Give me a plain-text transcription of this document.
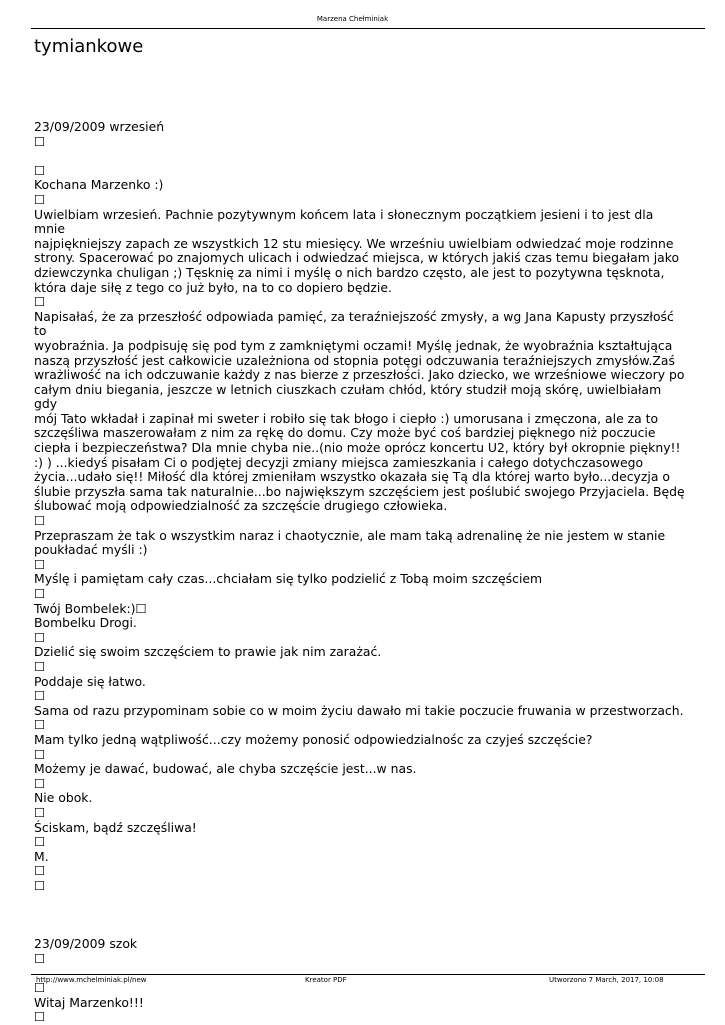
Marzena Chełminiak
tymiankowe
23/09/2009 wrzesień
☐
☐
Kochana Marzenko :)
☐
Uwielbiam wrzesień. Pachnie pozytywnym końcem lata i słonecznym początkiem jesieni i to jest dla mnie
najpiękniejszy zapach ze wszystkich 12 stu miesięcy. We wrześniu uwielbiam odwiedzać moje rodzinne
strony. Spacerować po znajomych ulicach i odwiedzać miejsca, w których jakiś czas temu biegałam jako
dziewczynka chuligan ;) Tęsknię za nimi i myślę o nich bardzo często, ale jest to pozytywna tęsknota,
która daje siłę z tego co już było, na to co dopiero będzie.
☐
Napisałaś, że za przeszłość odpowiada pamięć, za teraźniejszość zmysły, a wg Jana Kapusty przyszłość to
wyobraźnia. Ja podpisuję się pod tym z zamkniętymi oczami! Myślę jednak, że wyobraźnia kształtująca
naszą przyszłość jest całkowicie uzależniona od stopnia potęgi odczuwania teraźniejszych zmysłów.Zaś
wrażliwość na ich odczuwanie każdy z nas bierze z przeszłości. Jako dziecko, we wrześniowe wieczory po
całym dniu biegania, jeszcze w letnich ciuszkach czułam chłód, który studził moją skórę, uwielbiałam gdy
mój Tato wkładał i zapinał mi sweter i robiło się tak błogo i ciepło :) umorusana i zmęczona, ale za to
szczęśliwa maszerowałam z nim za rękę do domu. Czy może być coś bardziej pięknego niż poczucie
ciepła i bezpieczeństwa? Dla mnie chyba nie..(nio może oprócz koncertu U2, który był okropnie piękny!!
:) ) ...kiedyś pisałam Ci o podjętej decyzji zmiany miejsca zamieszkania i całego dotychczasowego
życia...udało się!! Miłość dla której zmieniłam wszystko okazała się Tą dla której warto było...decyzja o
ślubie przyszła sama tak naturalnie...bo największym szczęściem jest poślubić swojego Przyjaciela. Będę
ślubować moją odpowiedzialność za szczęście drugiego człowieka.
☐
Przepraszam że tak o wszystkim naraz i chaotycznie, ale mam taką adrenalinę że nie jestem w stanie
poukładać myśli :)
☐
Myślę i pamiętam cały czas...chciałam się tylko podzielić z Tobą moim szczęściem
☐
Twój Bombelek:)☐
Bombelku Drogi.
☐
Dzielić się swoim szczęściem to prawie jak nim zarażać.
☐
Poddaje się łatwo.
☐
Sama od razu przypominam sobie co w moim życiu dawało mi takie poczucie fruwania w przestworzach.
☐
Mam tylko jedną wątpliwość...czy możemy ponosić odpowiedzialnośc za czyjeś szczęście?
☐
Możemy je dawać, budować, ale chyba szczęście jest...w nas.
☐
Nie obok.
☐
Ściskam, bądź szczęśliwa!
☐
M.
☐
☐
23/09/2009 szok
☐
☐
Witaj Marzenko!!!
☐
http://www.mchelminiak.pl/new	Kreator PDF	Utworzono 7 March, 2017, 10:08
